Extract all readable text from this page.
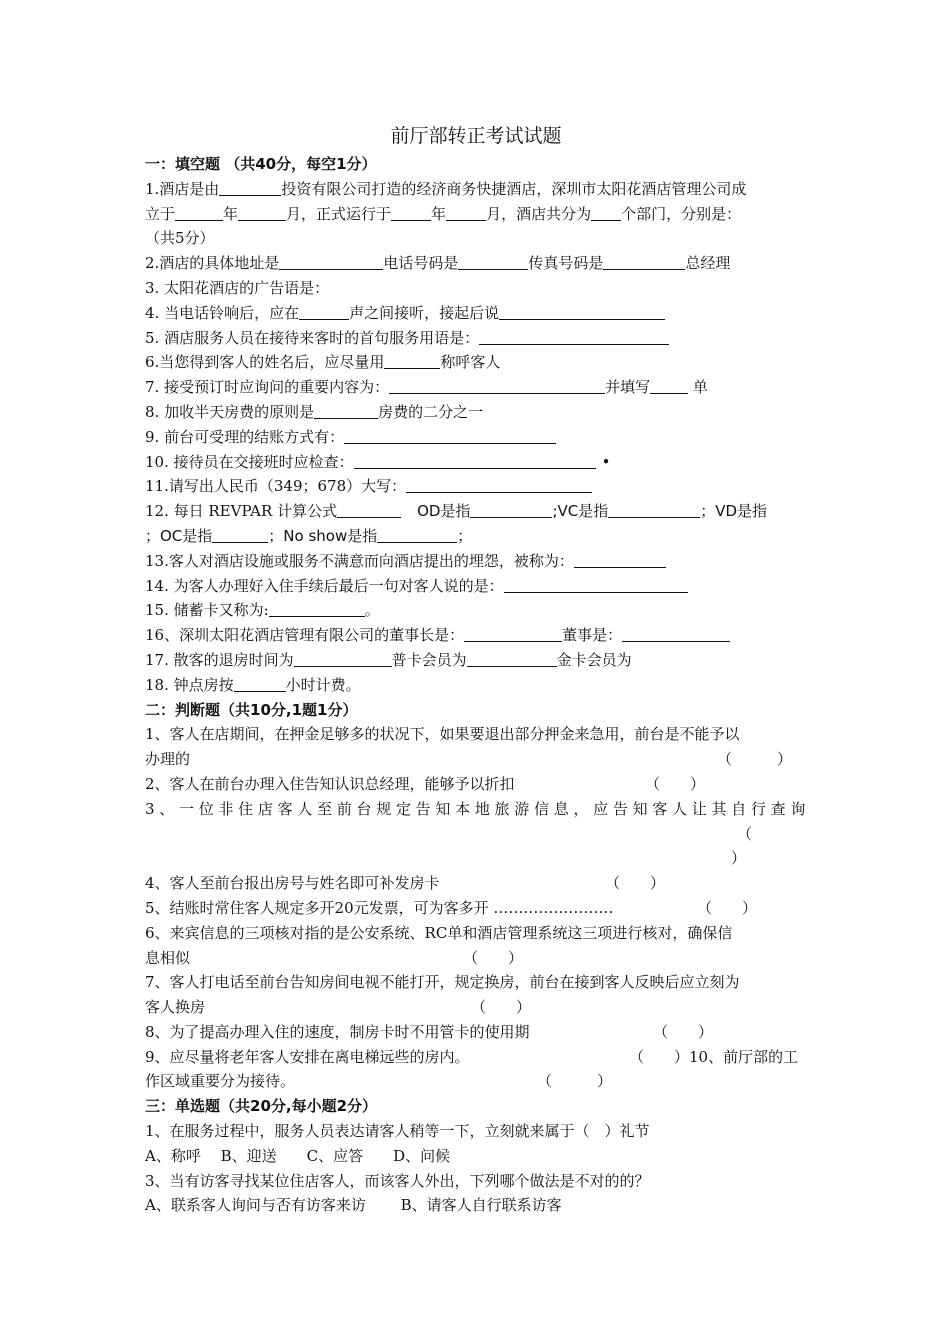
前厅部转正考试试题
一：填空题 （共40分，每空1分）
1.酒店是由	投资有限公司打造的经济商务快捷酒店，深圳市太阳花酒店管理公司成
立于	年	月，正式运行于	年	月，酒店共分为 个部门，分别是：
（共5分）
2.酒店的具体地址是	电话号码是	传真号码是	总经理
3. 太阳花酒店的广告语是：
4. 当电话铃响后，应在	声之间接听，接起后说
5. 酒店服务人员在接待来客时的首句服务用语是：
6.当您得到客人的姓名后，应尽量用	称呼客人
7. 接受预订时应询问的重要内容为：	并填写	单
8. 加收半天房费的原则是	房费的二分之一
9. 前台可受理的结账方式有：
10. 接待员在交接班时应检查：	•
11.请写出人民币（349；678）大写：
12. 每日 REVPAR 计算公式	OD是指	;VC是指	；VD是指
；OC是指	；No show是指	；
13.客人对酒店设施或服务不满意而向酒店提出的埋怨，被称为：
14. 为客人办理好入住手续后最后一句对客人说的是：
15. 储蓄卡又称为:	。
16、深圳太阳花酒店管理有限公司的董事长是：	董事是：
17. 散客的退房时间为	普卡会员为	金卡会员为
18. 钟点房按	小时计费。
二：判断题（共10分,1题1分）
1、客人在店期间，在押金足够多的状况下，如果要退出部分押金来急用，前台是不能予以
办理的	（　　　）
2、客人在前台办理入住告知认识总经理，能够予以折扣	（　　）
3、一位非住店客人至前台规定告知本地旅游信息，应告知客人让其自行查询
（
）
4、客人至前台报出房号与姓名即可补发房卡	（　　）
5、结账时常住客人规定多开20元发票，可为客多开 ……………………	（　　）
6、来宾信息的三项核对指的是公安系统、RC单和酒店管理系统这三项进行核对，确保信
息相似	（　　）
7、客人打电话至前台告知房间电视不能打开，规定换房，前台在接到客人反映后应立刻为
客人换房	（　　）
8、为了提高办理入住的速度，制房卡时不用管卡的使用期	（　　）
9、应尽量将老年客人安排在离电梯远些的房内。	（　　）10、前厅部的工
作区域重要分为接待。	（　　　）
三：单选题（共20分,每小题2分）
1、在服务过程中，服务人员表达请客人稍等一下，立刻就来属于（　）礼节
A、称呼　 B、迎送　　C、应答　　D、问候
3、当有访客寻找某位住店客人，而该客人外出，下列哪个做法是不对的的？
A、联系客人询问与否有访客来访　　 B、请客人自行联系访客
